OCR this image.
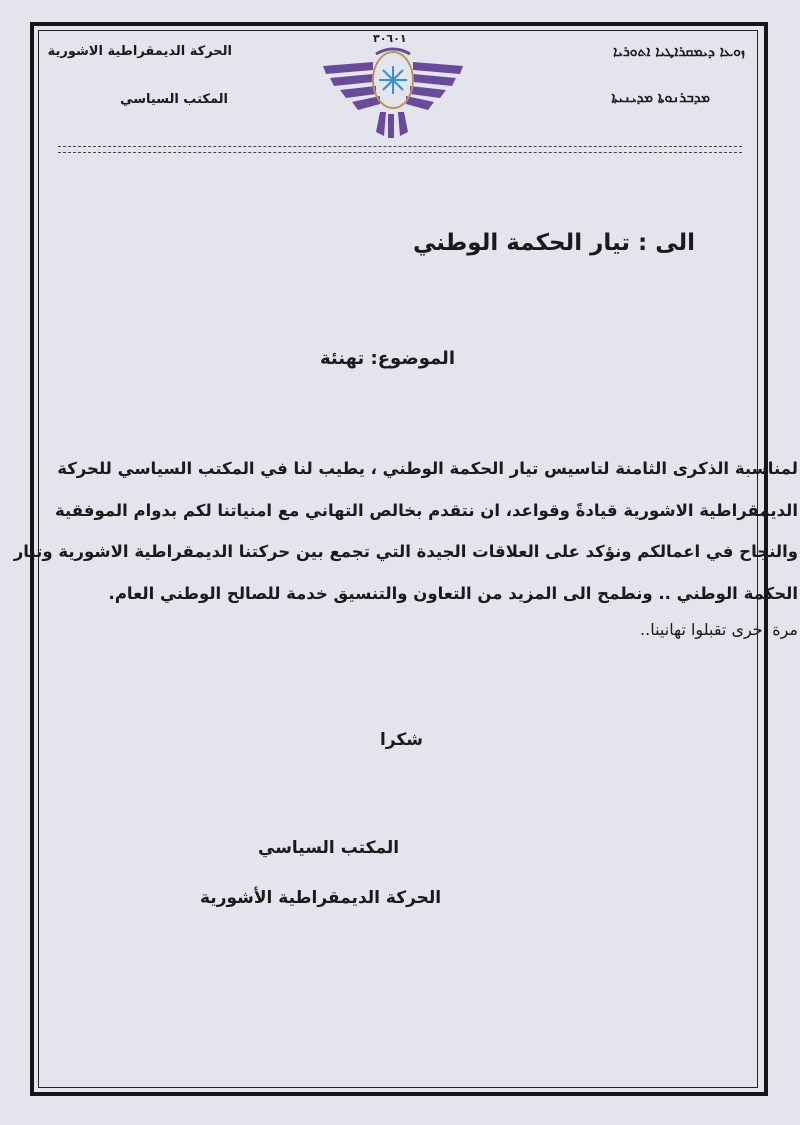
الحركة الديمقراطية الاشورية
المكتب السياسي
ܙܘܥܐ ܕܝܡܩܪܐܛܝܐ ܐܬܘܪܝܐ
ܡܕܒܪܢܘܬܐ ܡܕܝܢܝܬܐ
٣٠٦٠١
الى : تيار الحكمة الوطني
الموضوع: تهنئة
لمناسبة الذكرى الثامنة لتاسيس تيار الحكمة الوطني ، يطيب لنا في المكتب السياسي للحركة
الديمقراطية الاشورية قيادةً وقواعد، ان نتقدم بخالص التهاني مع امنياتنا لكم بدوام الموفقية
والنجاح في اعمالكم ونؤكد على العلاقات الجيدة التي تجمع بين حركتنا الديمقراطية الاشورية وتيار
الحكمة الوطني .. ونطمح الى المزيد من التعاون والتنسيق خدمة للصالح الوطني العام.
مرة اخرى تقبلوا تهانينا..
شكرا
المكتب السياسي
الحركة الديمقراطية الأشورية
